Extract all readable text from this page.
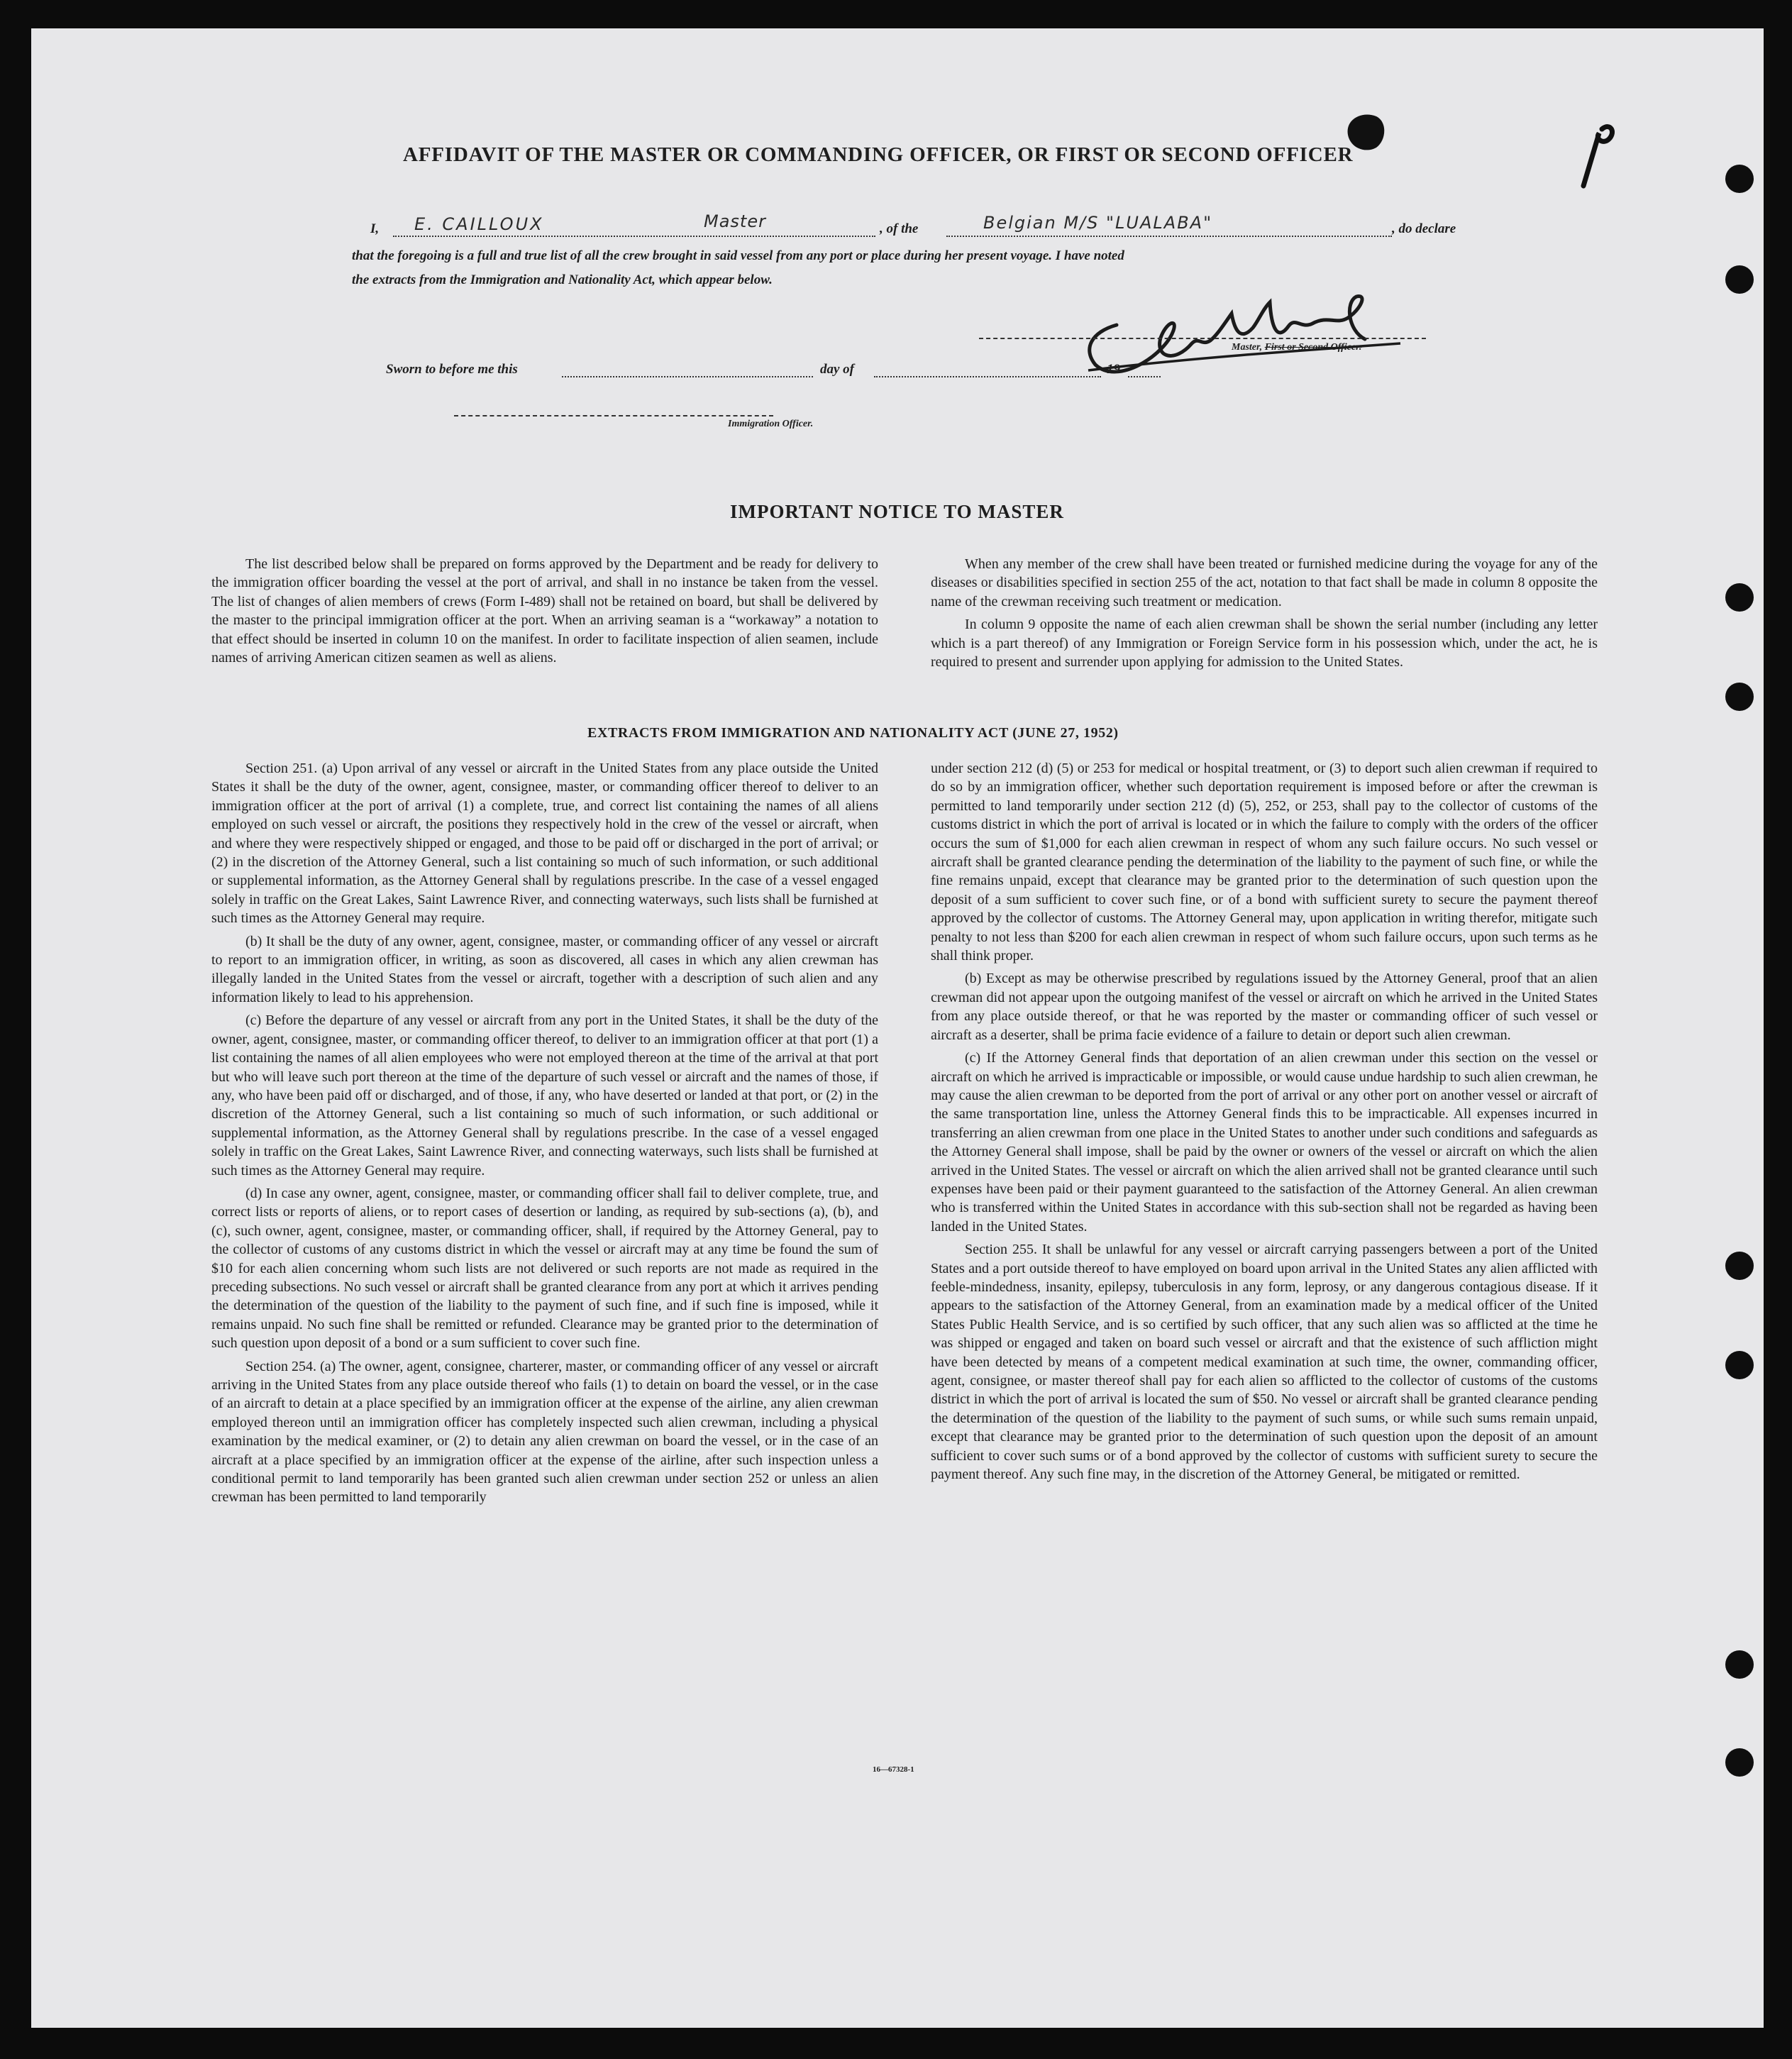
AFFIDAVIT OF THE MASTER OR COMMANDING OFFICER, OR FIRST OR SECOND OFFICER
I, E. CAILLOUX	Master	, of the	Belgian M/S "LUALABA"	, do declare
that the foregoing is a full and true list of all the crew brought in said vessel from any port or place during her present voyage. I have noted
the extracts from the Immigration and Nationality Act, which appear below.
Master, First or Second Officer.
Sworn to before me this	day of	19
Immigration Officer.
IMPORTANT NOTICE TO MASTER

The list described below shall be prepared on forms approved by the Department and be ready for delivery to the immigration officer boarding the vessel at the port of arrival, and shall in no instance be taken from the vessel. The list of changes of alien members of crews (Form I-489) shall not be retained on board, but shall be delivered by the master to the principal immigration officer at the port. When an arriving seaman is a “workaway” a notation to that effect should be inserted in column 10 on the manifest. In order to facilitate inspection of alien seamen, include names of arriving American citizen seamen as well as aliens.

When any member of the crew shall have been treated or furnished medicine during the voyage for any of the diseases or disabilities specified in section 255 of the act, notation to that fact shall be made in column 8 opposite the name of the crewman receiving such treatment or medication.

In column 9 opposite the name of each alien crewman shall be shown the serial number (including any letter which is a part thereof) of any Immigration or Foreign Service form in his possession which, under the act, he is required to present and surrender upon applying for admission to the United States.

EXTRACTS FROM IMMIGRATION AND NATIONALITY ACT (JUNE 27, 1952)

Section 251. (a) Upon arrival of any vessel or aircraft in the United States from any place outside the United States it shall be the duty of the owner, agent, consignee, master, or commanding officer thereof to deliver to an immigration officer at the port of arrival (1) a complete, true, and correct list containing the names of all aliens employed on such vessel or aircraft, the positions they respectively hold in the crew of the vessel or aircraft, when and where they were respectively shipped or engaged, and those to be paid off or discharged in the port of arrival; or (2) in the discretion of the Attorney General, such a list containing so much of such information, or such additional or supplemental information, as the Attorney General shall by regulations prescribe. In the case of a vessel engaged solely in traffic on the Great Lakes, Saint Lawrence River, and connecting waterways, such lists shall be furnished at such times as the Attorney General may require.

(b) It shall be the duty of any owner, agent, consignee, master, or commanding officer of any vessel or aircraft to report to an immigration officer, in writing, as soon as discovered, all cases in which any alien crewman has illegally landed in the United States from the vessel or aircraft, together with a description of such alien and any information likely to lead to his apprehension.

(c) Before the departure of any vessel or aircraft from any port in the United States, it shall be the duty of the owner, agent, consignee, master, or commanding officer thereof, to deliver to an immigration officer at that port (1) a list containing the names of all alien employees who were not employed thereon at the time of the arrival at that port but who will leave such port thereon at the time of the departure of such vessel or aircraft and the names of those, if any, who have been paid off or discharged, and of those, if any, who have deserted or landed at that port, or (2) in the discretion of the Attorney General, such a list containing so much of such information, or such additional or supplemental information, as the Attorney General shall by regulations prescribe. In the case of a vessel engaged solely in traffic on the Great Lakes, Saint Lawrence River, and connecting waterways, such lists shall be furnished at such times as the Attorney General may require.

(d) In case any owner, agent, consignee, master, or commanding officer shall fail to deliver complete, true, and correct lists or reports of aliens, or to report cases of desertion or landing, as required by sub-sections (a), (b), and (c), such owner, agent, consignee, master, or commanding officer, shall, if required by the Attorney General, pay to the collector of customs of any customs district in which the vessel or aircraft may at any time be found the sum of $10 for each alien concerning whom such lists are not delivered or such reports are not made as required in the preceding subsections. No such vessel or aircraft shall be granted clearance from any port at which it arrives pending the determination of the question of the liability to the payment of such fine, and if such fine is imposed, while it remains unpaid. No such fine shall be remitted or refunded. Clearance may be granted prior to the determination of such question upon deposit of a bond or a sum sufficient to cover such fine.

Section 254. (a) The owner, agent, consignee, charterer, master, or commanding officer of any vessel or aircraft arriving in the United States from any place outside thereof who fails (1) to detain on board the vessel, or in the case of an aircraft to detain at a place specified by an immigration officer at the expense of the airline, any alien crewman employed thereon until an immigration officer has completely inspected such alien crewman, including a physical examination by the medical examiner, or (2) to detain any alien crewman on board the vessel, or in the case of an aircraft at a place specified by an immigration officer at the expense of the airline, after such inspection unless a conditional permit to land temporarily has been granted such alien crewman under section 252 or unless an alien crewman has been permitted to land temporarily

under section 212 (d) (5) or 253 for medical or hospital treatment, or (3) to deport such alien crewman if required to do so by an immigration officer, whether such deportation requirement is imposed before or after the crewman is permitted to land temporarily under section 212 (d) (5), 252, or 253, shall pay to the collector of customs of the customs district in which the port of arrival is located or in which the failure to comply with the orders of the officer occurs the sum of $1,000 for each alien crewman in respect of whom any such failure occurs. No such vessel or aircraft shall be granted clearance pending the determination of the liability to the payment of such fine, or while the fine remains unpaid, except that clearance may be granted prior to the determination of such question upon the deposit of a sum sufficient to cover such fine, or of a bond with sufficient surety to secure the payment thereof approved by the collector of customs. The Attorney General may, upon application in writing therefor, mitigate such penalty to not less than $200 for each alien crewman in respect of whom such failure occurs, upon such terms as he shall think proper.

(b) Except as may be otherwise prescribed by regulations issued by the Attorney General, proof that an alien crewman did not appear upon the outgoing manifest of the vessel or aircraft on which he arrived in the United States from any place outside thereof, or that he was reported by the master or commanding officer of such vessel or aircraft as a deserter, shall be prima facie evidence of a failure to detain or deport such alien crewman.

(c) If the Attorney General finds that deportation of an alien crewman under this section on the vessel or aircraft on which he arrived is impracticable or impossible, or would cause undue hardship to such alien crewman, he may cause the alien crewman to be deported from the port of arrival or any other port on another vessel or aircraft of the same transportation line, unless the Attorney General finds this to be impracticable. All expenses incurred in transferring an alien crewman from one place in the United States to another under such conditions and safeguards as the Attorney General shall impose, shall be paid by the owner or owners of the vessel or aircraft on which the alien arrived in the United States. The vessel or aircraft on which the alien arrived shall not be granted clearance until such expenses have been paid or their payment guaranteed to the satisfaction of the Attorney General. An alien crewman who is transferred within the United States in accordance with this sub-section shall not be regarded as having been landed in the United States.

Section 255. It shall be unlawful for any vessel or aircraft carrying passengers between a port of the United States and a port outside thereof to have employed on board upon arrival in the United States any alien afflicted with feeble-mindedness, insanity, epilepsy, tuberculosis in any form, leprosy, or any dangerous contagious disease. If it appears to the satisfaction of the Attorney General, from an examination made by a medical officer of the United States Public Health Service, and is so certified by such officer, that any such alien was so afflicted at the time he was shipped or engaged and taken on board such vessel or aircraft and that the existence of such affliction might have been detected by means of a competent medical examination at such time, the owner, commanding officer, agent, consignee, or master thereof shall pay for each alien so afflicted to the collector of customs of the customs district in which the port of arrival is located the sum of $50. No vessel or aircraft shall be granted clearance pending the determination of the question of the liability to the payment of such sums, or while such sums remain unpaid, except that clearance may be granted prior to the determination of such question upon the deposit of an amount sufficient to cover such sums or of a bond approved by the collector of customs with sufficient surety to secure the payment thereof. Any such fine may, in the discretion of the Attorney General, be mitigated or remitted.

16—67328-1
